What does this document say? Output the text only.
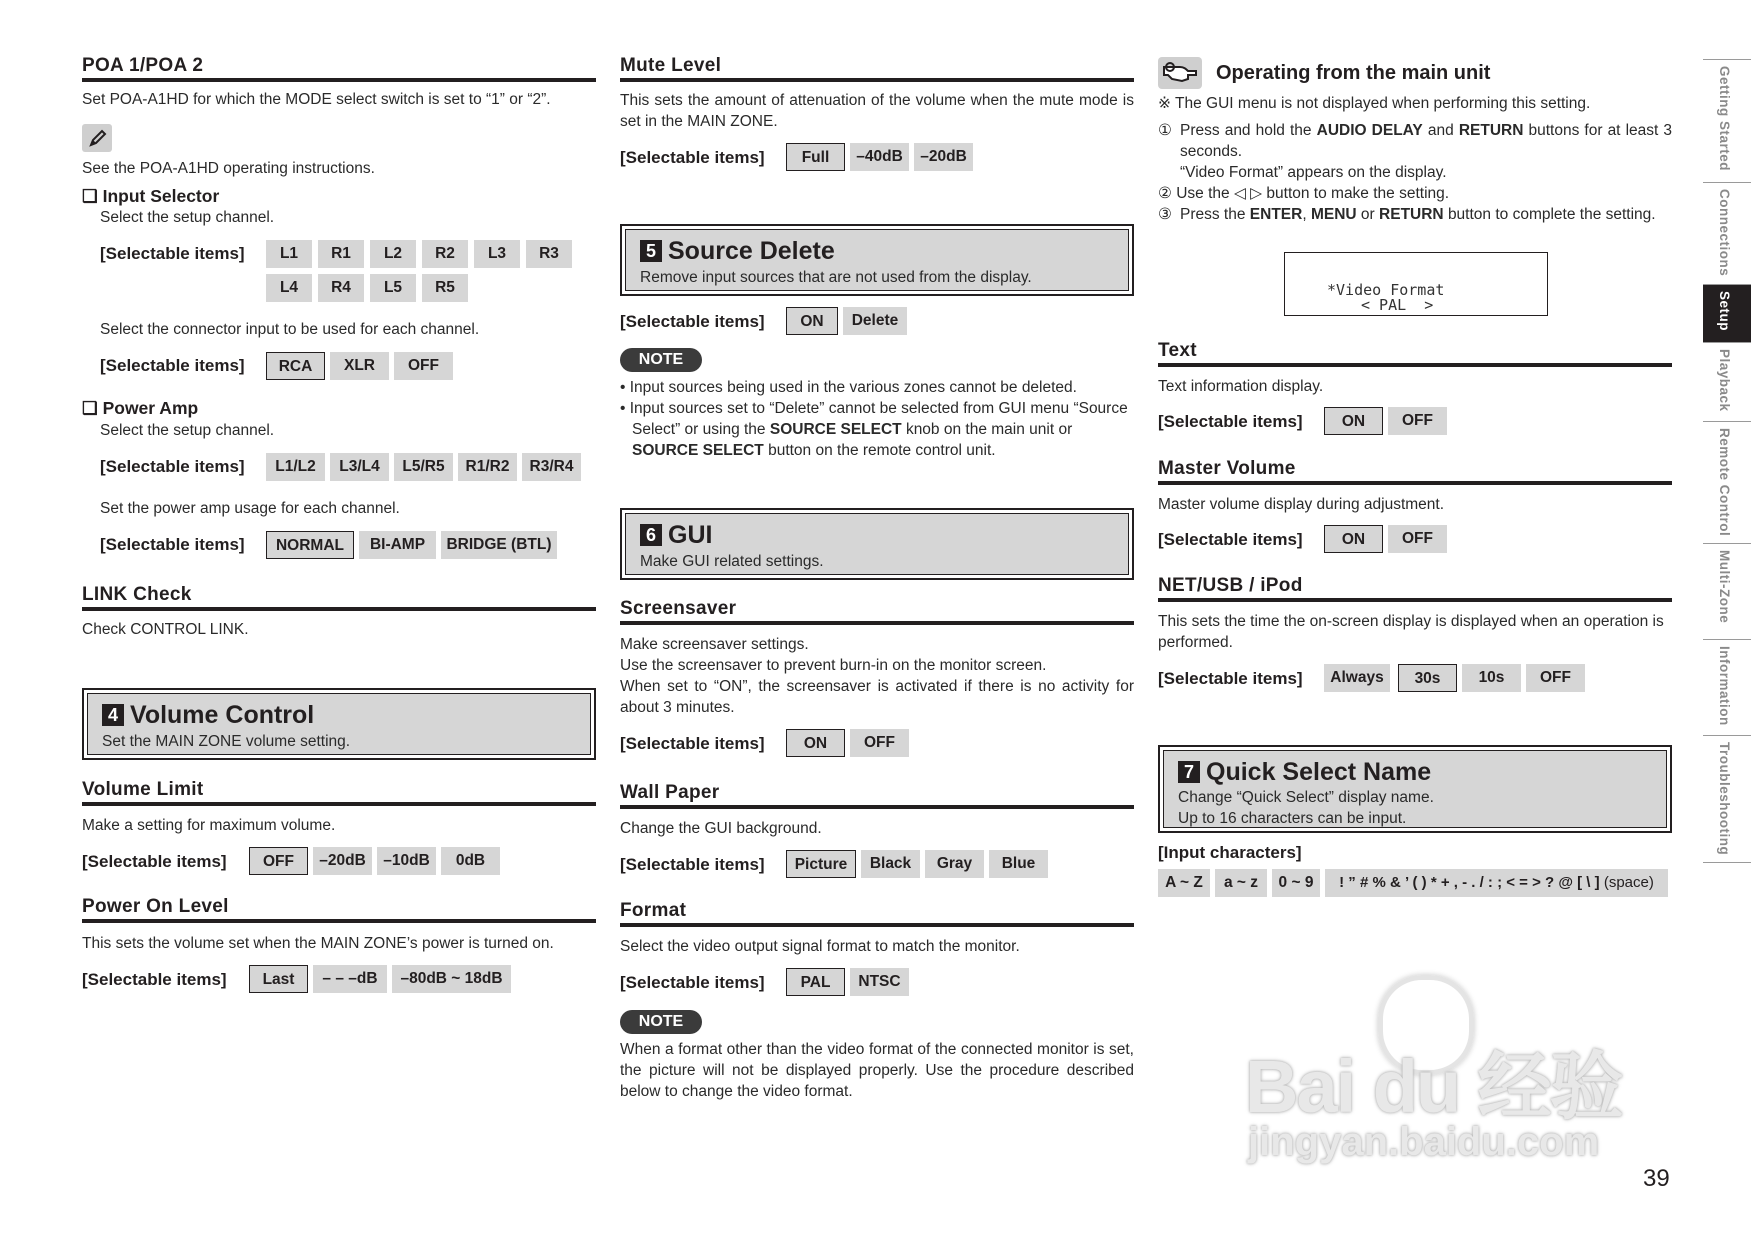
POA 1/POA 2
Set POA-A1HD for which the MODE select switch is set to “1” or “2”.
See the POA-A1HD operating instructions.
❑ Input Selector
Select the setup channel.
[Selectable items]	L1	R1	L2	R2	L3	R3
L4	R4	L5	R5
Select the connector input to be used for each channel.
[Selectable items]	RCA	XLR	OFF
❑ Power Amp
Select the setup channel.
[Selectable items]	L1/L2	L3/L4	L5/R5	R1/R2	R3/R4
Set the power amp usage for each channel.
[Selectable items]	NORMAL	BI-AMP	BRIDGE (BTL)
LINK Check
Check CONTROL LINK.
4 Volume Control
Set the MAIN ZONE volume setting.
Volume Limit
Make a setting for maximum volume.
[Selectable items]	OFF	–20dB	–10dB	0dB
Power On Level
This sets the volume set when the MAIN ZONE’s power is turned on.
[Selectable items]	Last	– – –dB	–80dB ~ 18dB
Mute Level
This sets the amount of attenuation of the volume when the mute mode is set in the MAIN ZONE.
[Selectable items]	Full	–40dB	–20dB
5 Source Delete
Remove input sources that are not used from the display.
[Selectable items]	ON	Delete
NOTE
• Input sources being used in the various zones cannot be deleted.
• Input sources set to “Delete” cannot be selected from GUI menu “Source Select” or using the SOURCE SELECT knob on the main unit or SOURCE SELECT button on the remote control unit.
6 GUI
Make GUI related settings.
Screensaver
Make screensaver settings.
Use the screensaver to prevent burn-in on the monitor screen.
When set to “ON”, the screensaver is activated if there is no activity for about 3 minutes.
[Selectable items]	ON	OFF
Wall Paper
Change the GUI background.
[Selectable items]	Picture	Black	Gray	Blue
Format
Select the video output signal format to match the monitor.
[Selectable items]	PAL	NTSC
NOTE
When a format other than the video format of the connected monitor is set, the picture will not be displayed properly. Use the procedure described below to change the video format.
Operating from the main unit
※ The GUI menu is not displayed when performing this setting.
① Press and hold the AUDIO DELAY and RETURN buttons for at least 3 seconds.
“Video Format” appears on the display.
② Use the ◁ ▷ button to make the setting.
③ Press the ENTER, MENU or RETURN button to complete the setting.
*Video Format
< PAL  >
Text
Text information display.
[Selectable items]	ON	OFF
Master Volume
Master volume display during adjustment.
[Selectable items]	ON	OFF
NET/USB / iPod
This sets the time the on-screen display is displayed when an operation is performed.
[Selectable items]	Always	30s	10s	OFF
7 Quick Select Name
Change “Quick Select” display name.
Up to 16 characters can be input.
[Input characters]
A ~ Z	a ~ z	0 ~ 9	! ” # % & ’ ( ) * + , - . / : ; < = > ? @ [ \ ] (space)
Getting Started
Connections
Setup
Playback
Remote Control
Multi-Zone
Information
Troubleshooting
Bai du 经验
jingyan.baidu.com
39
